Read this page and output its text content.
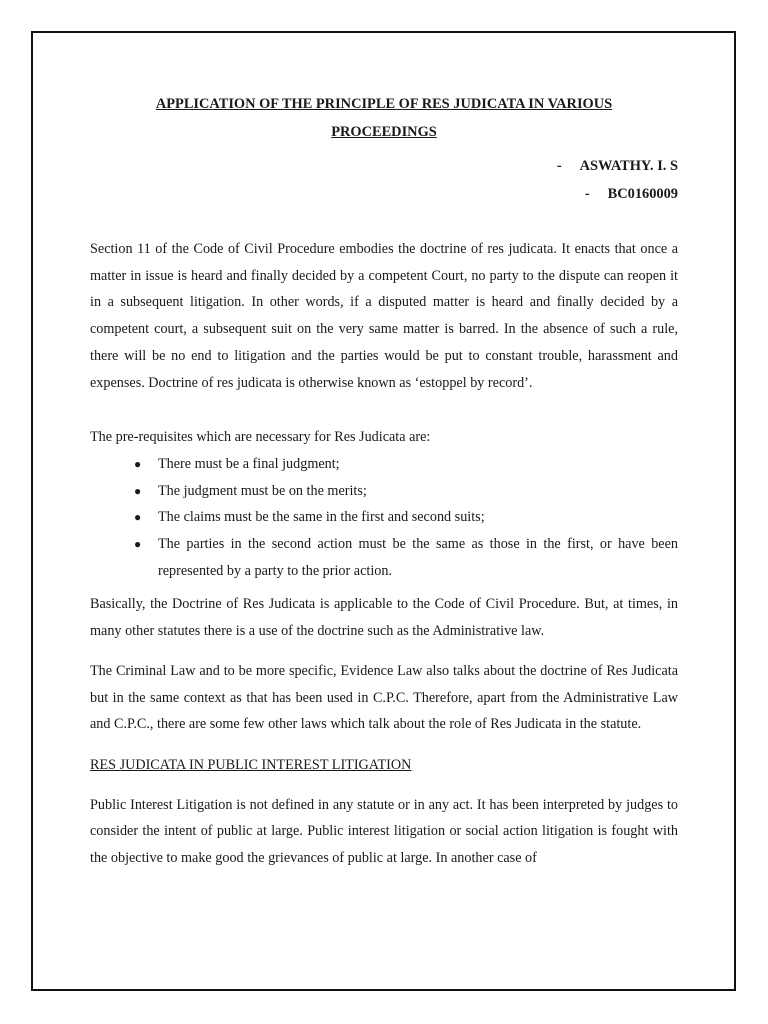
APPLICATION OF THE PRINCIPLE OF RES JUDICATA IN VARIOUS
PROCEEDINGS
- ASWATHY. I. S
- BC0160009

Section 11 of the Code of Civil Procedure embodies the doctrine of res judicata. It enacts that once a matter in issue is heard and finally decided by a competent Court, no party to the dispute can reopen it in a subsequent litigation. In other words, if a disputed matter is heard and finally decided by a competent court, a subsequent suit on the very same matter is barred. In the absence of such a rule, there will be no end to litigation and the parties would be put to constant trouble, harassment and expenses. Doctrine of res judicata is otherwise known as ‘estoppel by record’.

The pre-requisites which are necessary for Res Judicata are:

● There must be a final judgment;
● The judgment must be on the merits;
● The claims must be the same in the first and second suits;
● The parties in the second action must be the same as those in the first, or have been represented by a party to the prior action.

Basically, the Doctrine of Res Judicata is applicable to the Code of Civil Procedure. But, at times, in many other statutes there is a use of the doctrine such as the Administrative law.

The Criminal Law and to be more specific, Evidence Law also talks about the doctrine of Res Judicata but in the same context as that has been used in C.P.C. Therefore, apart from the Administrative Law and C.P.C., there are some few other laws which talk about the role of Res Judicata in the statute.

RES JUDICATA IN PUBLIC INTEREST LITIGATION

Public Interest Litigation is not defined in any statute or in any act. It has been interpreted by judges to consider the intent of public at large. Public interest litigation or social action litigation is fought with the objective to make good the grievances of public at large. In another case of
